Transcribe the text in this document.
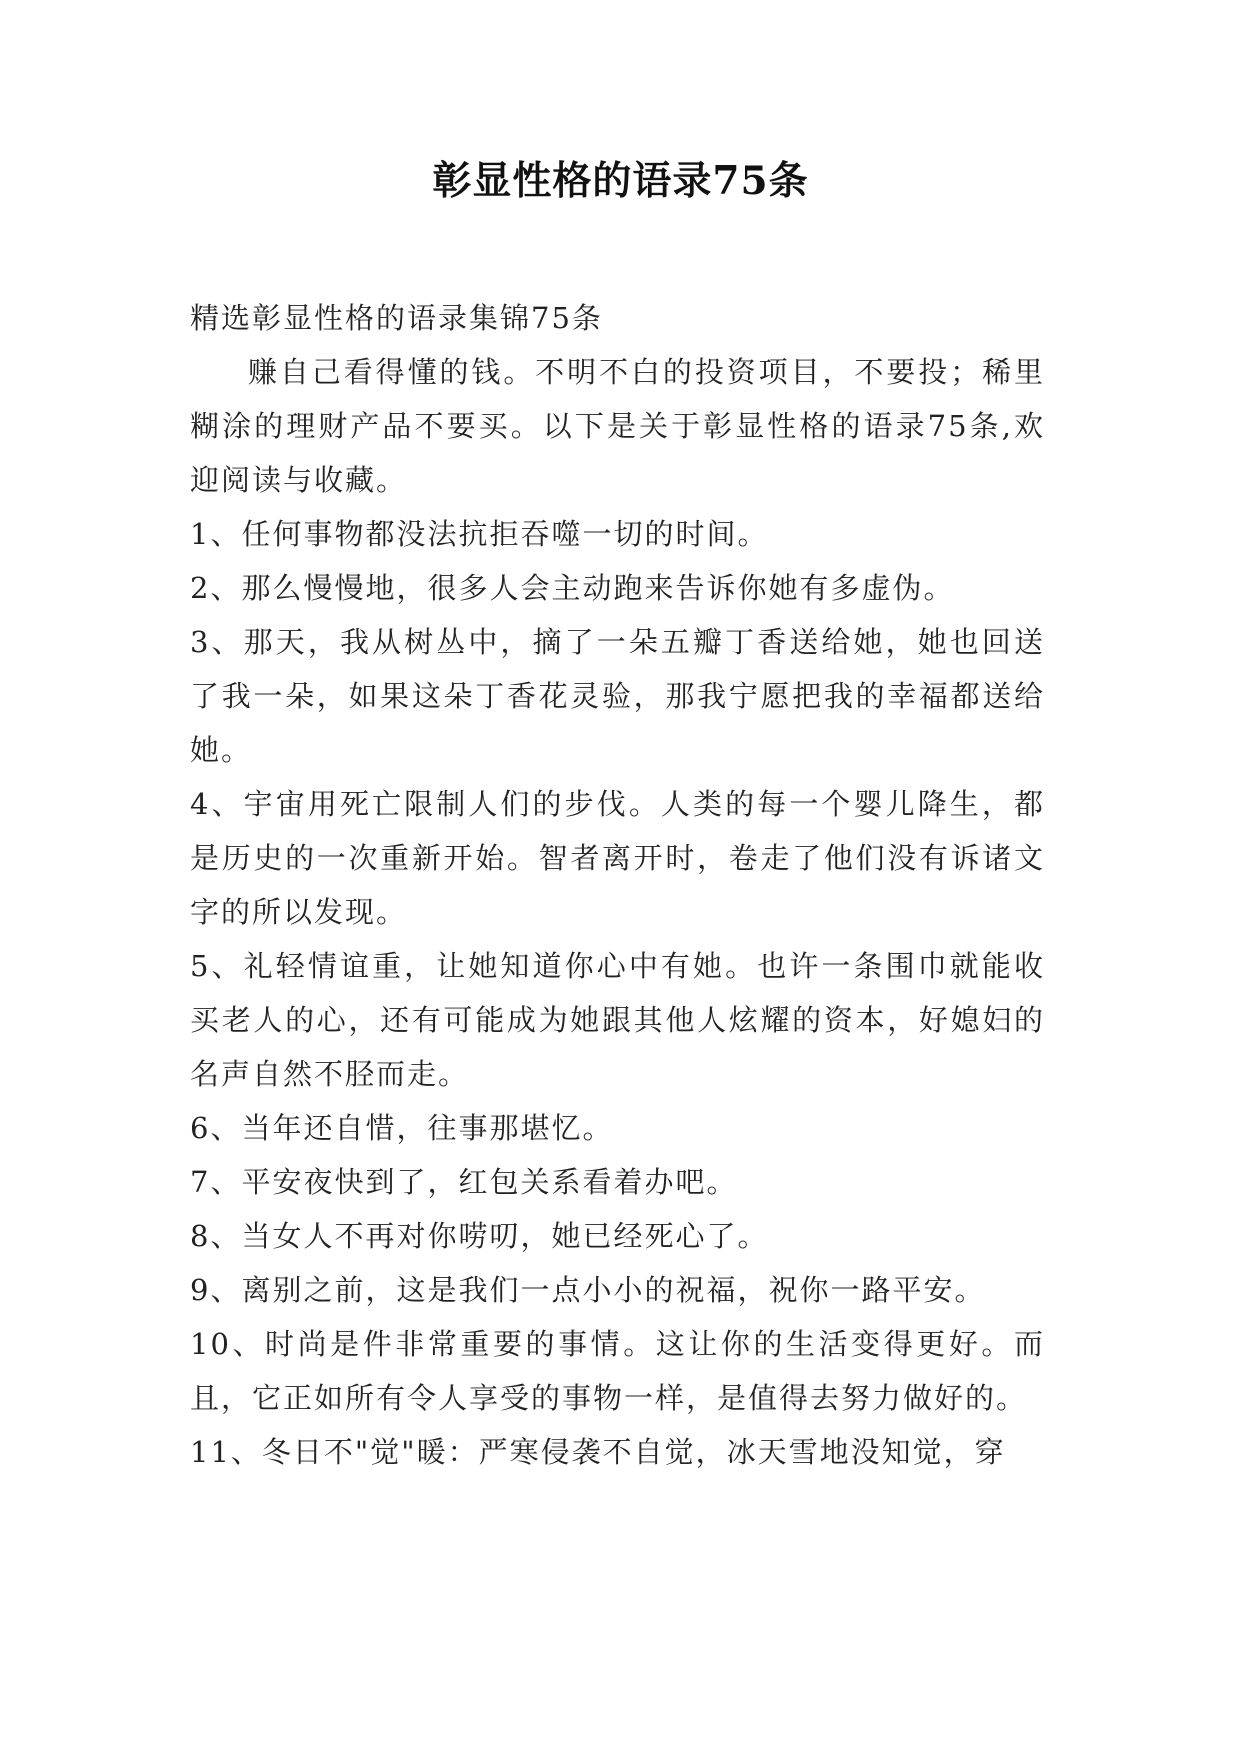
彰显性格的语录75条

精选彰显性格的语录集锦75条

赚自己看得懂的钱。不明不白的投资项目，不要投；稀里糊涂的理财产品不要买。以下是关于彰显性格的语录75条,欢迎阅读与收藏。

1、任何事物都没法抗拒吞噬一切的时间。

2、那么慢慢地，很多人会主动跑来告诉你她有多虚伪。

3、那天，我从树丛中，摘了一朵五瓣丁香送给她，她也回送了我一朵，如果这朵丁香花灵验，那我宁愿把我的幸福都送给她。

4、宇宙用死亡限制人们的步伐。人类的每一个婴儿降生，都是历史的一次重新开始。智者离开时，卷走了他们没有诉诸文字的所以发现。

5、礼轻情谊重，让她知道你心中有她。也许一条围巾就能收买老人的心，还有可能成为她跟其他人炫耀的资本，好媳妇的名声自然不胫而走。

6、当年还自惜，往事那堪忆。

7、平安夜快到了，红包关系看着办吧。

8、当女人不再对你唠叨，她已经死心了。

9、离别之前，这是我们一点小小的祝福，祝你一路平安。

10、时尚是件非常重要的事情。这让你的生活变得更好。而且，它正如所有令人享受的事物一样，是值得去努力做好的。

11、冬日不"觉"暖：严寒侵袭不自觉，冰天雪地没知觉，穿
